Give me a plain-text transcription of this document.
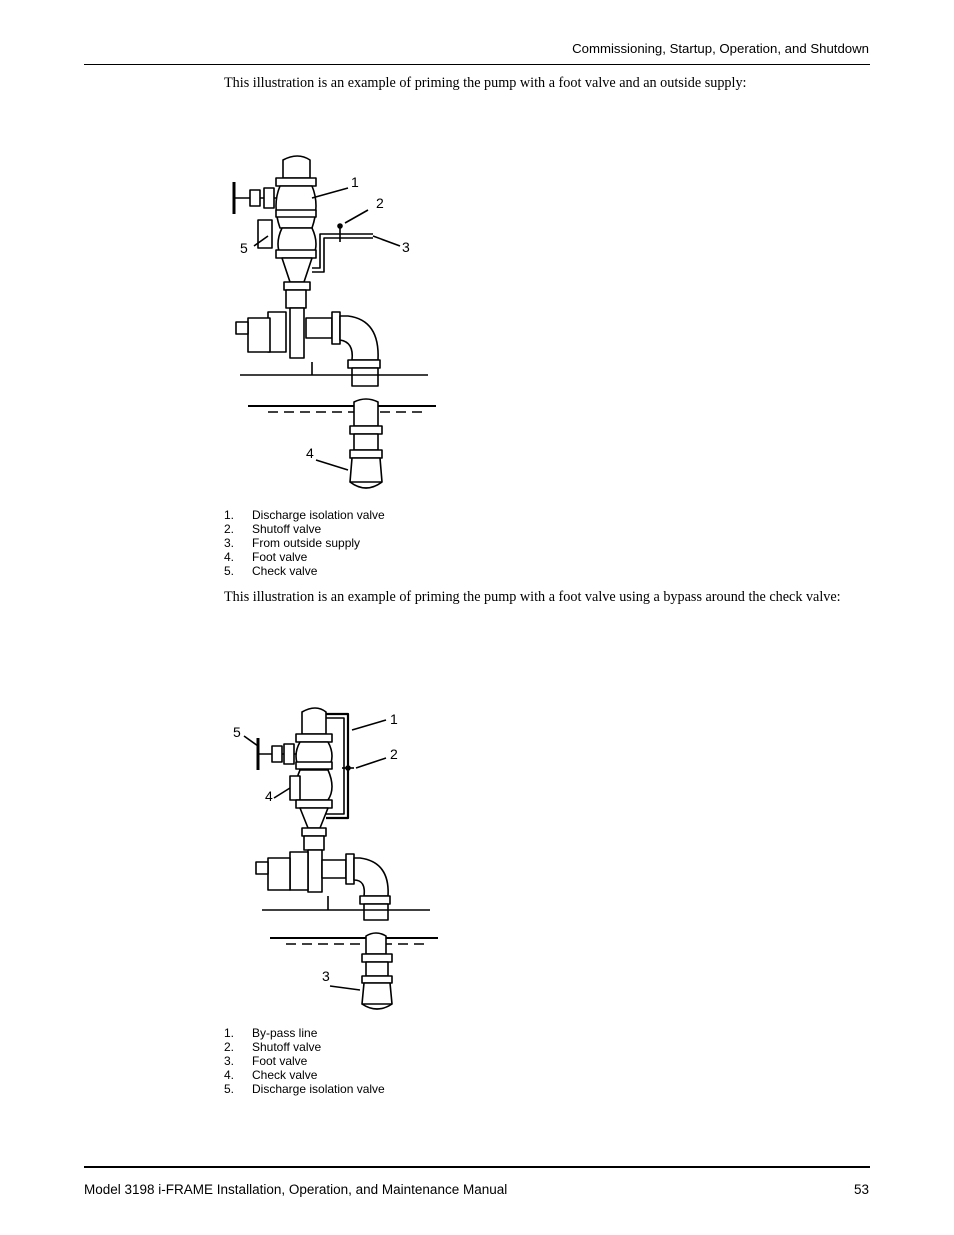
Commissioning, Startup, Operation, and Shutdown

This illustration is an example of priming the pump with a foot valve and an outside supply:

1
2
3
4
5
1.	Discharge isolation valve
2.	Shutoff valve
3.	From outside supply
4.	Foot valve
5.	Check valve

This illustration is an example of priming the pump with a foot valve using a bypass around the check valve:

1
2
3
4
5
1.	By-pass line
2.	Shutoff valve
3.	Foot valve
4.	Check valve
5.	Discharge isolation valve
Model 3198 i-FRAME Installation, Operation, and Maintenance Manual	53
